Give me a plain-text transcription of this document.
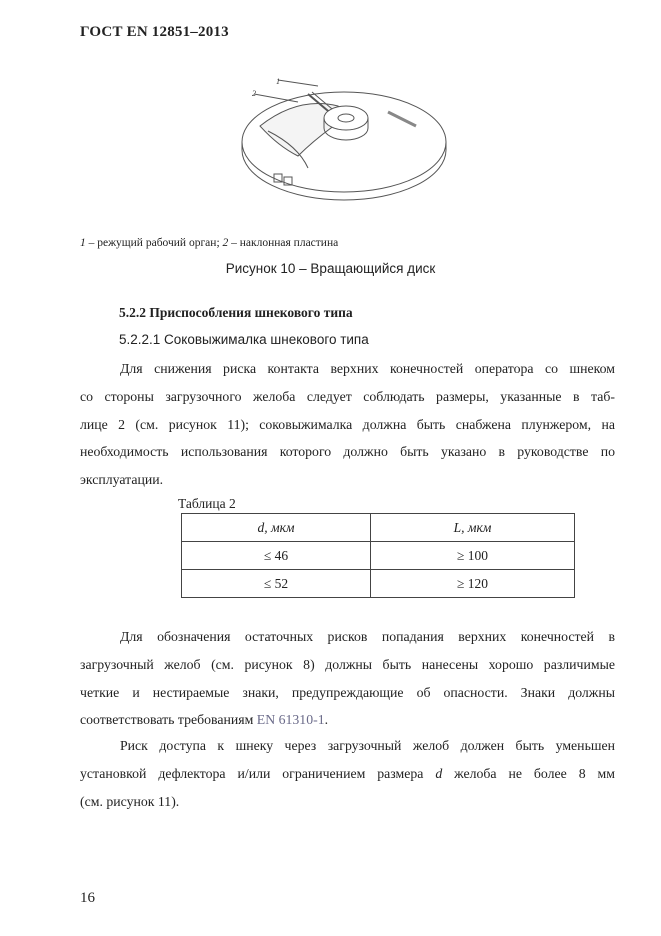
ГОСТ EN 12851–2013
1
2
1 – режущий рабочий орган; 2 – наклонная пластина
Рисунок 10 – Вращающийся диск
5.2.2 Приспособления шнекового типа
5.2.2.1 Соковыжималка шнекового типа
Для снижения риска контакта верхних конечностей оператора со шнеком
со стороны загрузочного желоба следует соблюдать размеры, указанные в таб-
лице 2 (см. рисунок 11); соковыжималка должна быть снабжена плунжером, на
необходимость использования которого должно быть указано в руководстве по
эксплуатации.
Таблица 2
d, мкм	L, мкм
≤ 46	≥ 100
≤ 52	≥ 120
Для обозначения остаточных рисков попадания верхних конечностей в
загрузочный желоб (см. рисунок 8) должны быть нанесены хорошо различимые
четкие и нестираемые знаки, предупреждающие об опасности. Знаки должны
соответствовать требованиям EN 61310-1.
Риск доступа к шнеку через загрузочный желоб должен быть уменьшен
установкой дефлектора и/или ограничением размера d желоба не более 8 мм
(см. рисунок 11).
16
